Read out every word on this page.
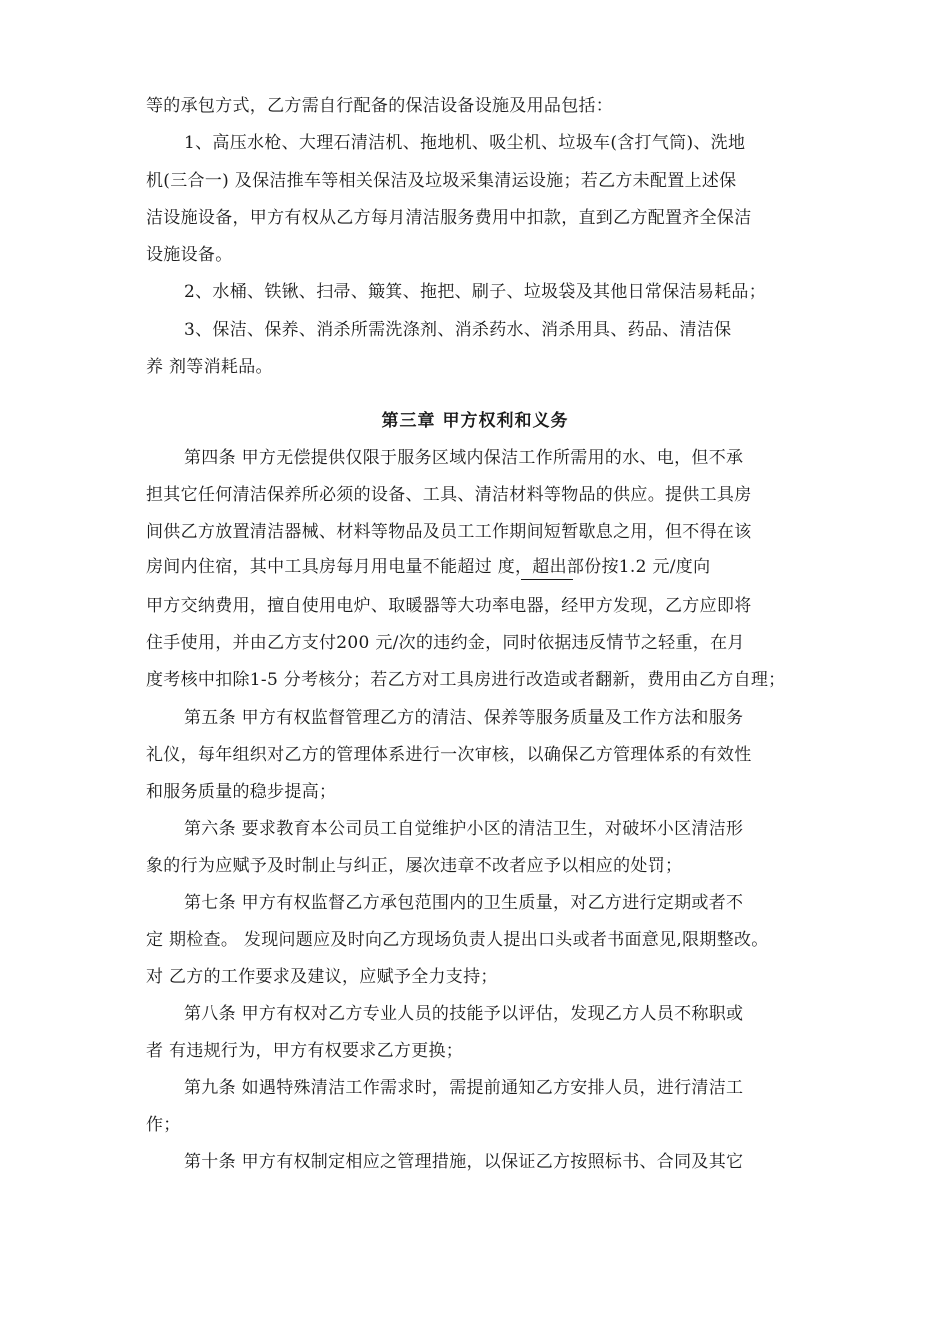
等的承包方式，乙方需自行配备的保洁设备设施及用品包括：
1、高压水枪、大理石清洁机、拖地机、吸尘机、垃圾车(含打气筒)、洗地
机(三合一) 及保洁推车等相关保洁及垃圾采集清运设施；若乙方未配置上述保
洁设施设备，甲方有权从乙方每月清洁服务费用中扣款，直到乙方配置齐全保洁
设施设备。
2、水桶、铁锹、扫帚、簸箕、拖把、刷子、垃圾袋及其他日常保洁易耗品；
3、保洁、保养、消杀所需洗涤剂、消杀药水、消杀用具、药品、清洁保
养 剂等消耗品。
第三章 甲方权利和义务
第四条 甲方无偿提供仅限于服务区域内保洁工作所需用的水、电，但不承
担其它任何清洁保养所必须的设备、工具、清洁材料等物品的供应。提供工具房
间供乙方放置清洁器械、材料等物品及员工工作期间短暂歇息之用，但不得在该
房间内住宿，其中工具房每月用电量不能超过 度，超出部份按1.2 元/度向
甲方交纳费用，擅自使用电炉、取暖器等大功率电器，经甲方发现，乙方应即将
住手使用，并由乙方支付200 元/次的违约金，同时依据违反情节之轻重，在月
度考核中扣除1-5 分考核分；若乙方对工具房进行改造或者翻新，费用由乙方自理；
第五条 甲方有权监督管理乙方的清洁、保养等服务质量及工作方法和服务
礼仪，每年组织对乙方的管理体系进行一次审核，以确保乙方管理体系的有效性
和服务质量的稳步提高；
第六条 要求教育本公司员工自觉维护小区的清洁卫生，对破坏小区清洁形
象的行为应赋予及时制止与纠正，屡次违章不改者应予以相应的处罚；
第七条 甲方有权监督乙方承包范围内的卫生质量，对乙方进行定期或者不
定 期检查。 发现问题应及时向乙方现场负责人提出口头或者书面意见,限期整改。
对 乙方的工作要求及建议，应赋予全力支持；
第八条 甲方有权对乙方专业人员的技能予以评估，发现乙方人员不称职或
者 有违规行为，甲方有权要求乙方更换；
第九条 如遇特殊清洁工作需求时，需提前通知乙方安排人员，进行清洁工
作；
第十条 甲方有权制定相应之管理措施，以保证乙方按照标书、合同及其它
